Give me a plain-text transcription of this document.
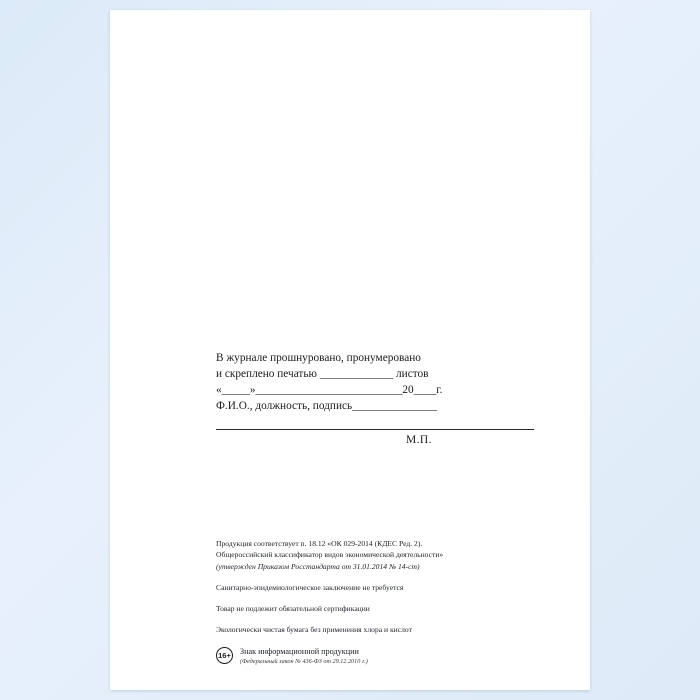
В журнале прошнуровано, пронумеровано
и скреплено печатью _____________ листов
«_____»__________________________20____г.
Ф.И.О., должность, подпись_______________
М.П.
Продукция соответствует п. 18.12 «ОК 029-2014 (КДЕС Ред. 2).
Общероссийский классификатор видов экономической деятельности»
(утвержден Приказом Росстандарта от 31.01.2014 № 14-ст)
Санитарно-эпидемиологическое заключение не требуется
Товар не подлежит обязательной сертификации
Экологически чистая бумага без применения хлора и кислот
16+ Знак информационной продукции
(Федеральный закон № 436-ФЗ от 29.12.2010 г.)
